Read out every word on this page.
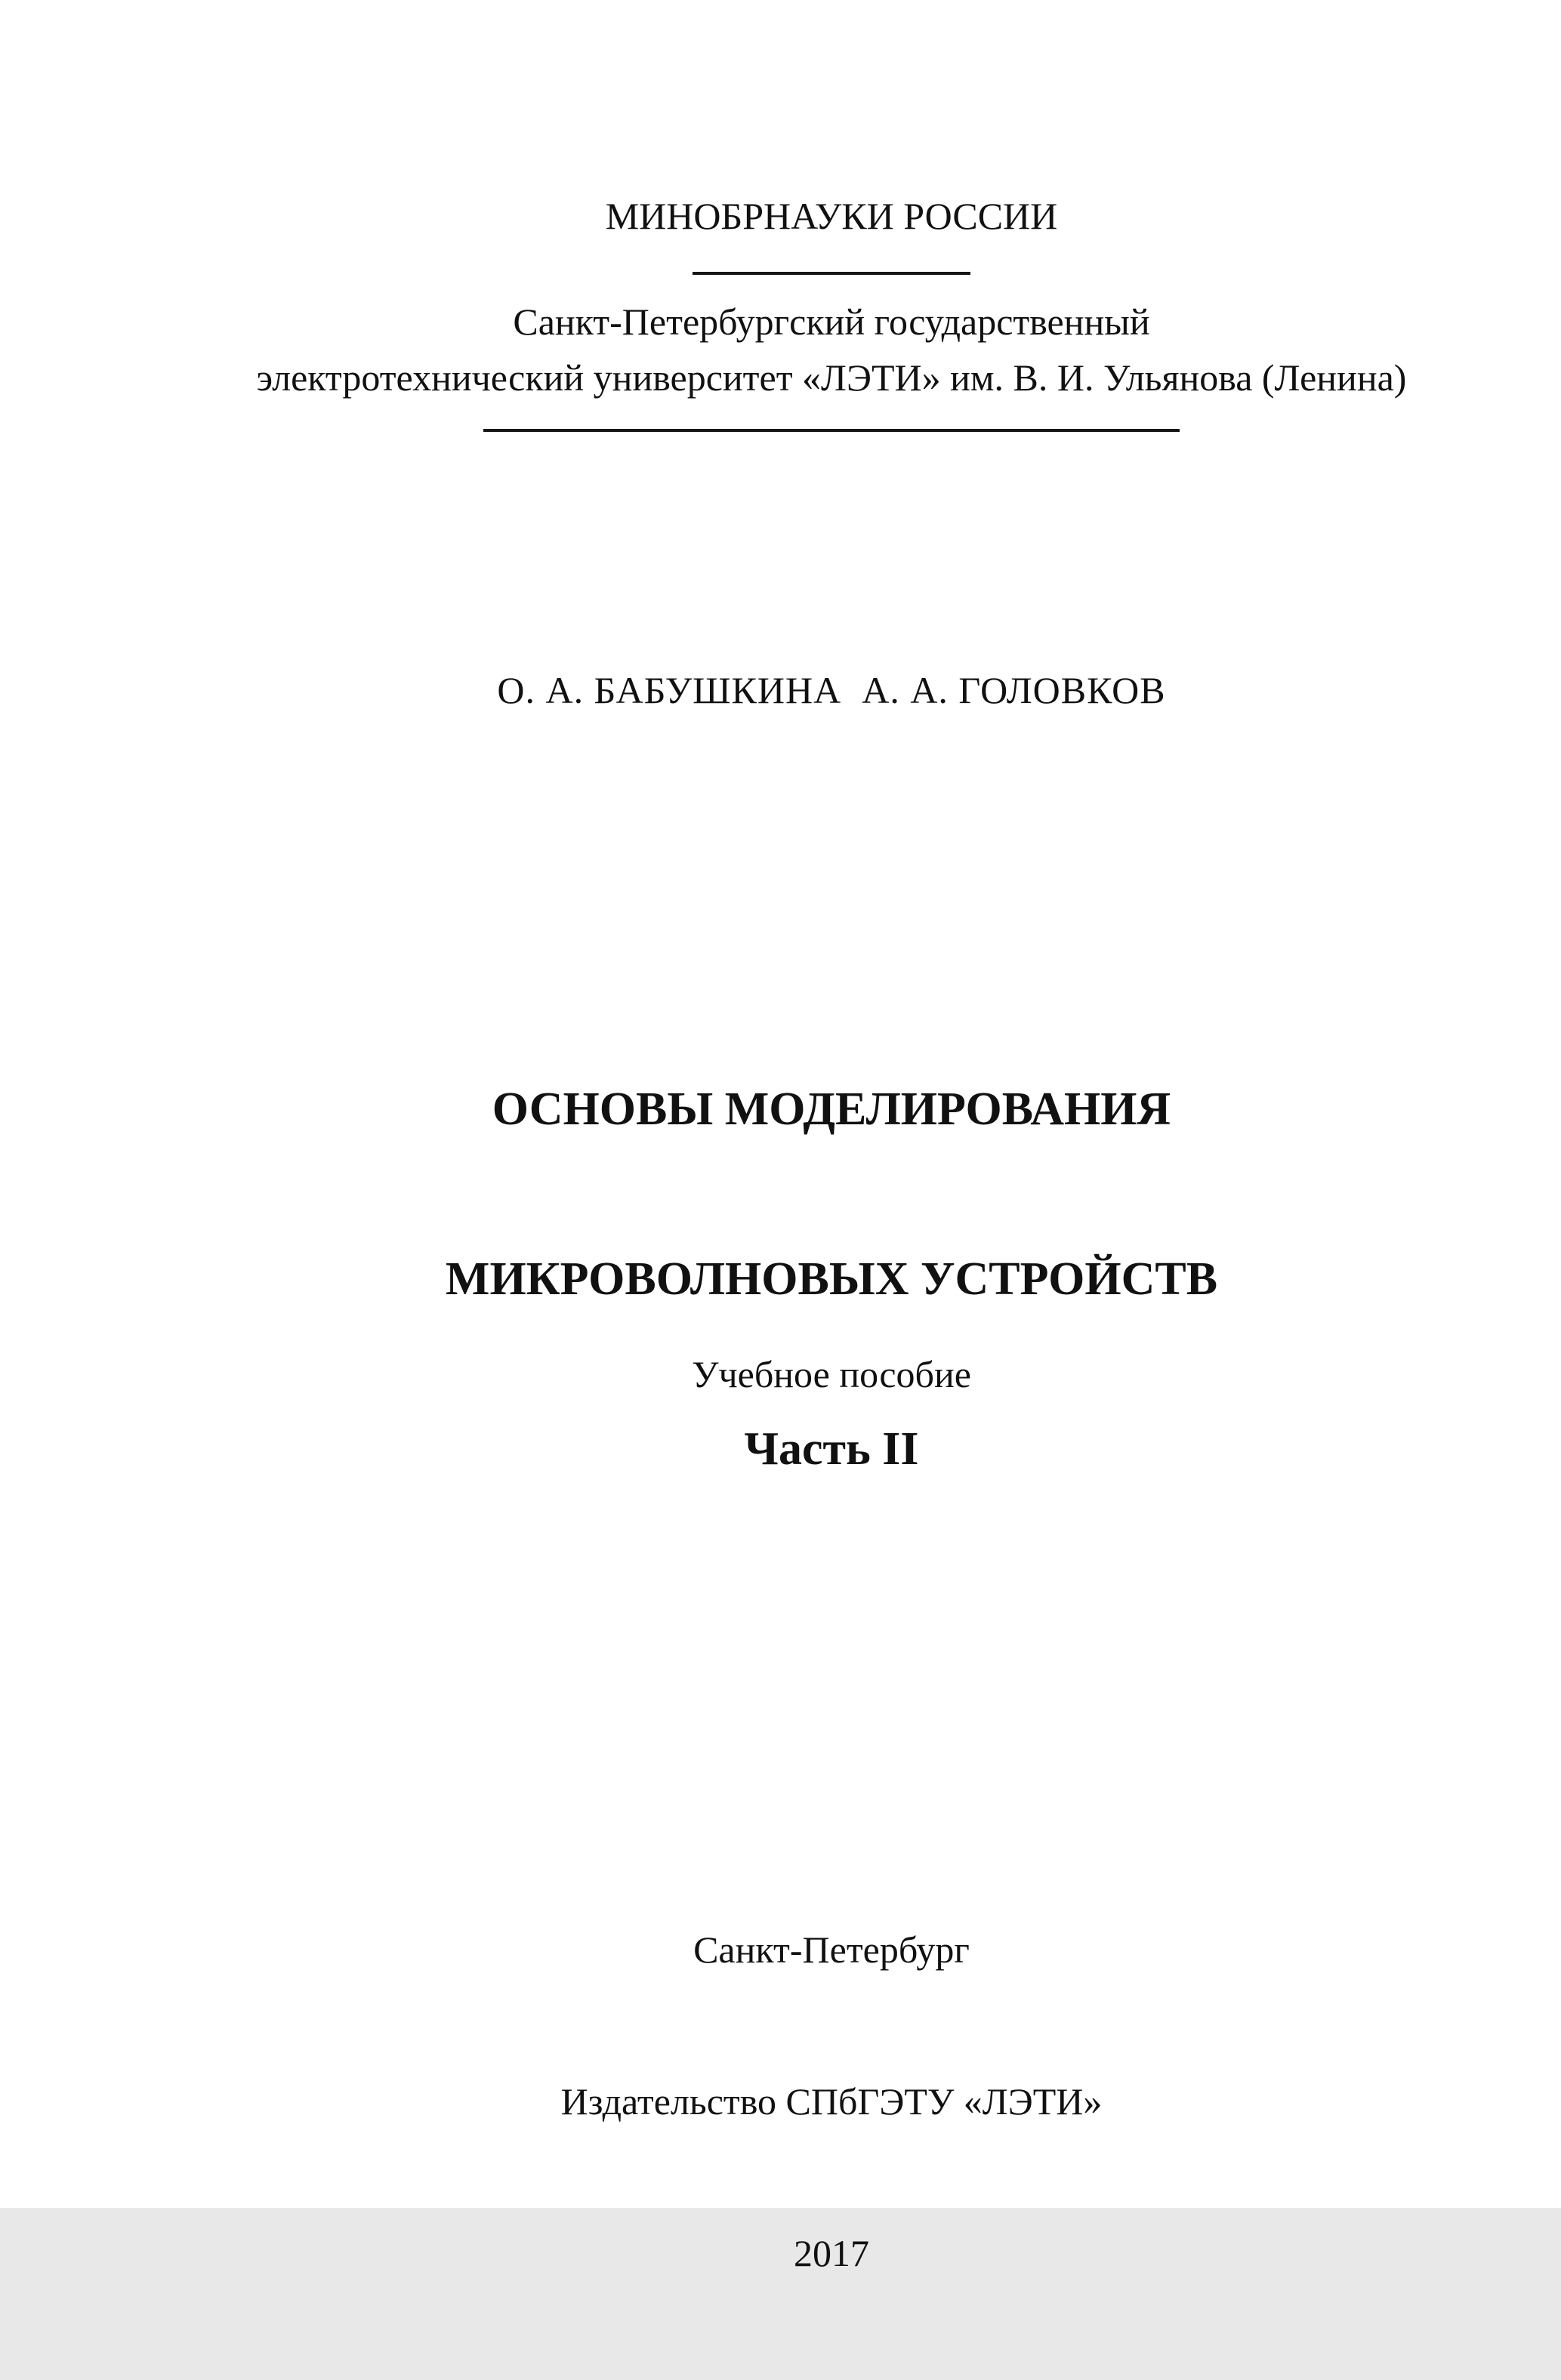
МИНОБРНАУКИ РОССИИ
Санкт-Петербургский государственный
электротехнический университет «ЛЭТИ» им. В. И. Ульянова (Ленина)
О. А. БАБУШКИНА  А. А. ГОЛОВКОВ

ОСНОВЫ МОДЕЛИРОВАНИЯ

МИКРОВОЛНОВЫХ УСТРОЙСТВ

Часть II

Учебное пособие

Санкт-Петербург

Издательство СПбГЭТУ «ЛЭТИ»

2017
